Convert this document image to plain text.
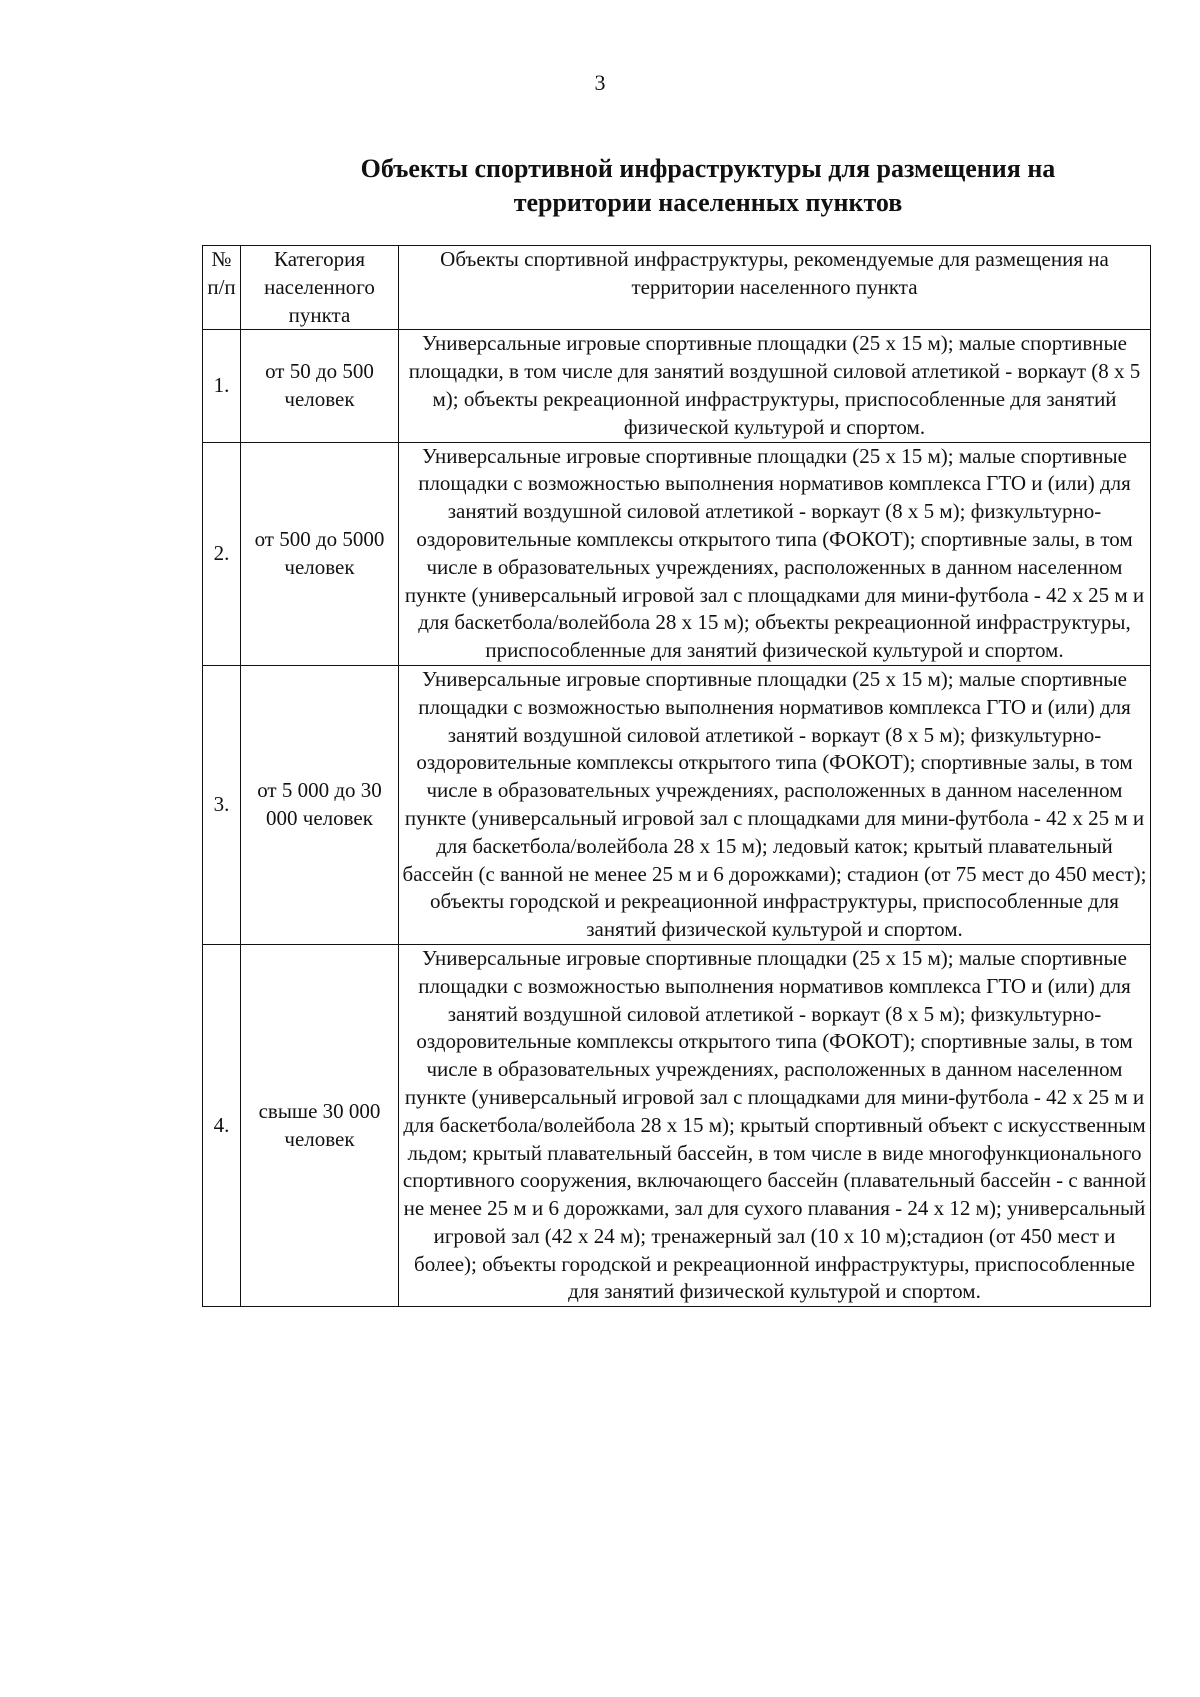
3
Объекты спортивной инфраструктуры для размещения на
территории населенных пунктов
№ п/п	Категория населенного пункта	Объекты спортивной инфраструктуры, рекомендуемые для размещения на территории населенного пункта
1.	от 50 до 500 человек	Универсальные игровые спортивные площадки (25 х 15 м); малые спортивные площадки, в том числе для занятий воздушной силовой атлетикой - воркаут (8 х 5 м); объекты рекреационной инфраструктуры, приспособленные для занятий физической культурой и спортом.
2.	от 500 до 5000 человек	Универсальные игровые спортивные площадки (25 х 15 м); малые спортивные площадки с возможностью выполнения нормативов комплекса ГТО и (или) для занятий воздушной силовой атлетикой - воркаут (8 х 5 м); физкультурно-оздоровительные комплексы открытого типа (ФОКОТ); спортивные залы, в том числе в образовательных учреждениях, расположенных в данном населенном пункте (универсальный игровой зал с площадками для мини-футбола - 42 х 25 м и для баскетбола/волейбола 28 х 15 м); объекты рекреационной инфраструктуры, приспособленные для занятий физической культурой и спортом.
3.	от 5 000 до 30 000 человек	Универсальные игровые спортивные площадки (25 х 15 м); малые спортивные площадки с возможностью выполнения нормативов комплекса ГТО и (или) для занятий воздушной силовой атлетикой - воркаут (8 х 5 м); физкультурно-оздоровительные комплексы открытого типа (ФОКОТ); спортивные залы, в том числе в образовательных учреждениях, расположенных в данном населенном пункте (универсальный игровой зал с площадками для мини-футбола - 42 х 25 м и для баскетбола/волейбола 28 х 15 м); ледовый каток; крытый плавательный бассейн (с ванной не менее 25 м и 6 дорожками); стадион (от 75 мест до 450 мест); объекты городской и рекреационной инфраструктуры, приспособленные для занятий физической культурой и спортом.
4.	свыше 30 000 человек	Универсальные игровые спортивные площадки (25 х 15 м); малые спортивные площадки с возможностью выполнения нормативов комплекса ГТО и (или) для занятий воздушной силовой атлетикой - воркаут (8 х 5 м); физкультурно-оздоровительные комплексы открытого типа (ФОКОТ); спортивные залы, в том числе в образовательных учреждениях, расположенных в данном населенном пункте (универсальный игровой зал с площадками для мини-футбола - 42 х 25 м и для баскетбола/волейбола 28 х 15 м); крытый спортивный объект с искусственным льдом; крытый плавательный бассейн, в том числе в виде многофункционального спортивного сооружения, включающего бассейн (плавательный бассейн - с ванной не менее 25 м и 6 дорожками, зал для сухого плавания - 24 х 12 м); универсальный игровой зал (42 х 24 м); тренажерный зал (10 х 10 м);стадион (от 450 мест и более); объекты городской и рекреационной инфраструктуры, приспособленные для занятий физической культурой и спортом.
